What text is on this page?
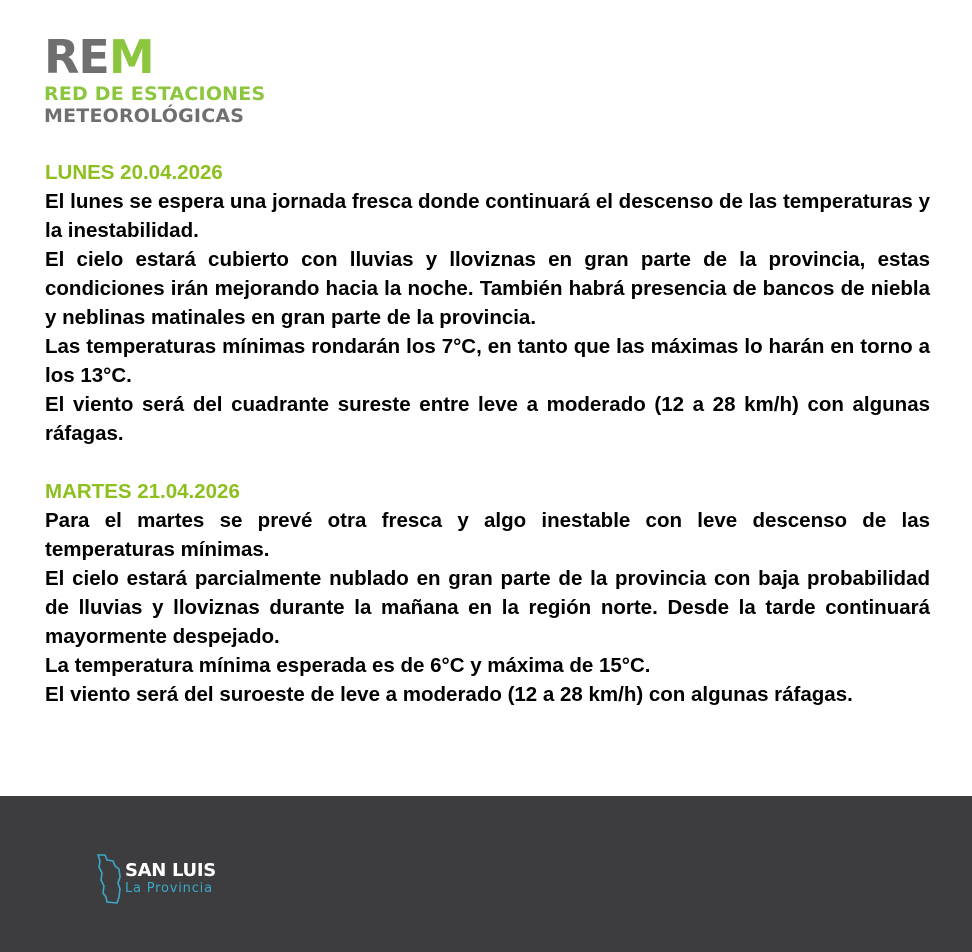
REM
RED DE ESTACIONES
METEOROLÓGICAS

LUNES 20.04.2026

El lunes se espera una jornada fresca donde continuará el descenso de las temperaturas y la inestabilidad.

El cielo estará cubierto con lluvias y lloviznas en gran parte de la provincia, estas condiciones irán mejorando hacia la noche. También habrá presencia de bancos de niebla y neblinas matinales en gran parte de la provincia.

Las temperaturas mínimas rondarán los 7°C, en tanto que las máximas lo harán en torno a los 13°C.

El viento será del cuadrante sureste entre leve a moderado (12 a 28 km/h) con algunas ráfagas.

MARTES 21.04.2026

Para el martes se prevé otra fresca y algo inestable con leve descenso de las temperaturas mínimas.

El cielo estará parcialmente nublado en gran parte de la provincia con baja probabilidad de lluvias y lloviznas durante la mañana en la región norte. Desde la tarde continuará mayormente despejado.

La temperatura mínima esperada es de 6°C y máxima de 15°C.

El viento será del suroeste de leve a moderado (12 a 28 km/h) con algunas ráfagas.

SAN LUIS
La Provincia
